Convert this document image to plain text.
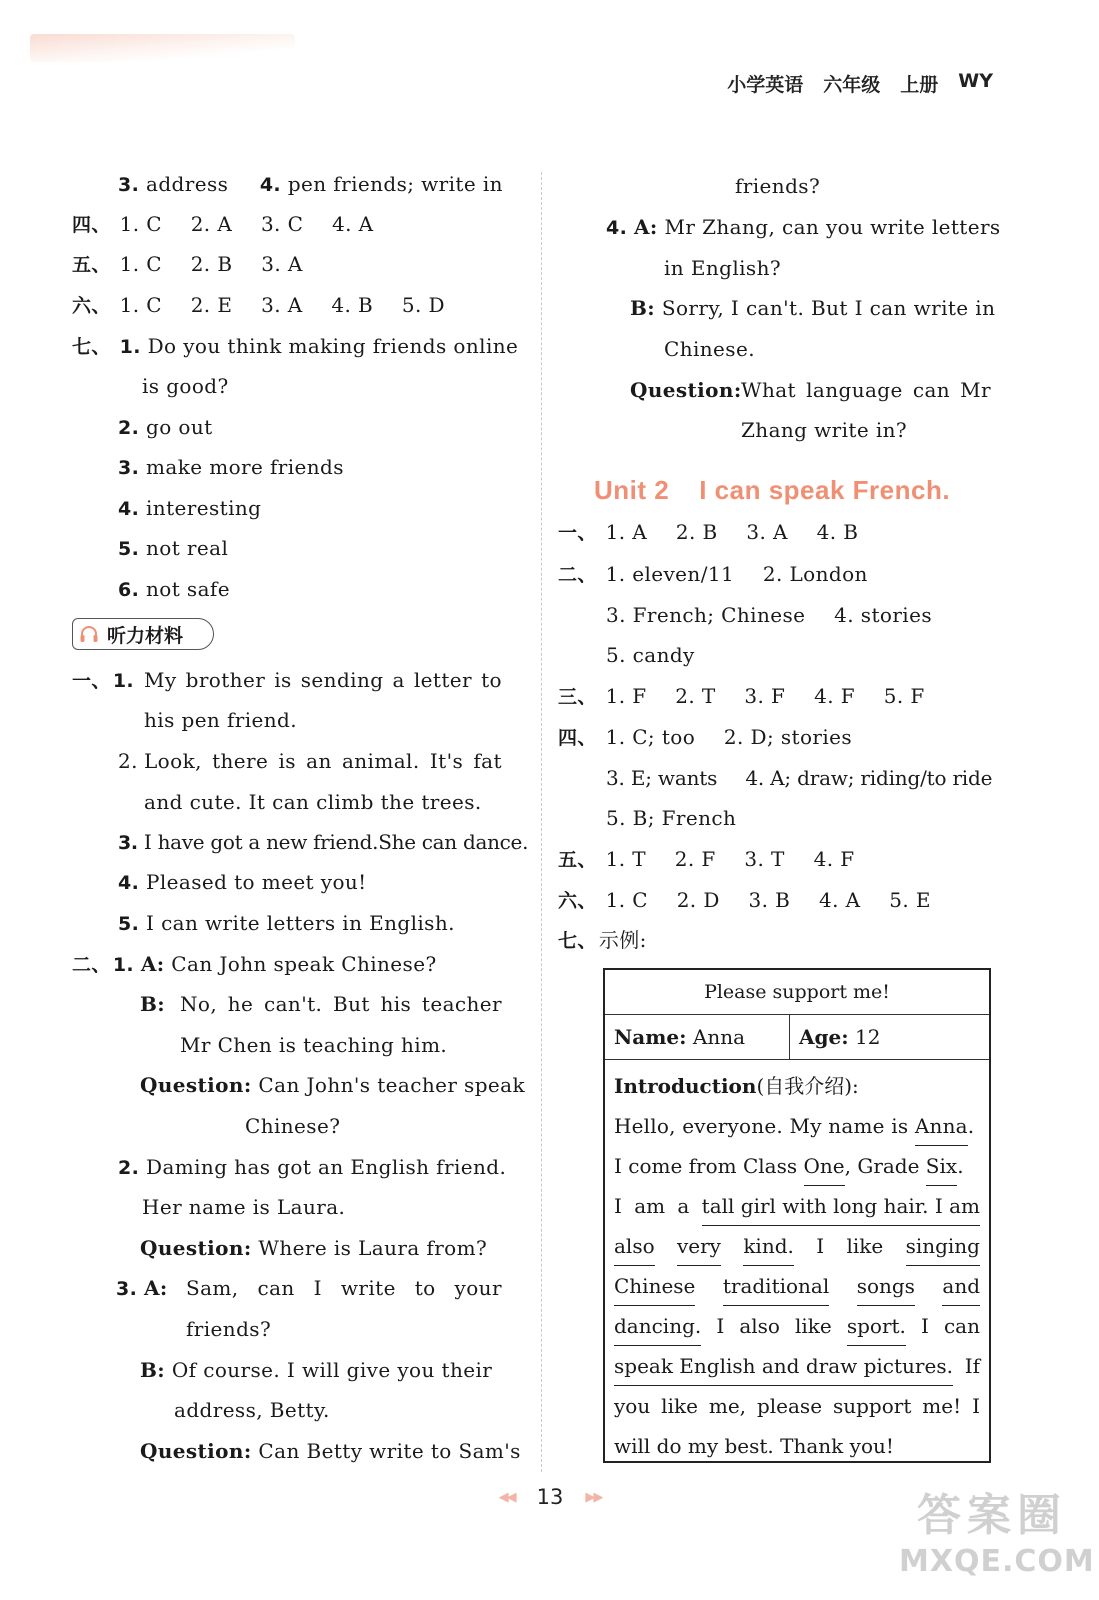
小学英语 六年级 上册 WY
3. address 4. pen friends; write in
四、 1. C 2. A 3. C 4. A
五、 1. C 2. B 3. A
六、 1. C 2. E 3. A 4. B 5. D
七、 1. Do you think making friends online
is good?
2. go out
3. make more friends
4. interesting
5. not real
6. not safe
听力材料
一、 1. My brother is sending a letter to
his pen friend.
2. Look, there is an animal. It's fat
and cute. It can climb the trees.
3. I have got a new friend.She can dance.
4. Pleased to meet you!
5. I can write letters in English.
二、 1. A: Can John speak Chinese?
B: No, he can't. But his teacher
Mr Chen is teaching him.
Question: Can John's teacher speak
Chinese?
2. Daming has got an English friend.
Her name is Laura.
Question: Where is Laura from?
3. A: Sam, can I write to your
friends?
B: Of course. I will give you their
address, Betty.
Question: Can Betty write to Sam's
friends?
4. A: Mr Zhang, can you write letters
in English?
B: Sorry, I can't. But I can write in
Chinese.
Question: What language can Mr
Zhang write in?
Unit 2 I can speak French.
一、 1. A 2. B 3. A 4. B
二、 1. eleven/11 2. London
3. French; Chinese 4. stories
5. candy
三、 1. F 2. T 3. F 4. F 5. F
四、 1. C; too 2. D; stories
3. E; wants 4. A; draw; riding/to ride
5. B; French
五、 1. T 2. F 3. T 4. F
六、 1. C 2. D 3. B 4. A 5. E
七、 示例:
Please support me!
Name:
Anna	Age:
12
Introduction (自我介绍):
Hello, everyone. My name is Anna .
I come from Class One , Grade Six .
I am a tall girl with long hair. I am
also very kind. I like singing
Chinese traditional songs and
dancing. I also like sport. I can
speak English and draw pictures. If
you like me, please support me! I
will do my best. Thank you!
◀◀ 13 ▶▶	答案圈
MXQE.COM
